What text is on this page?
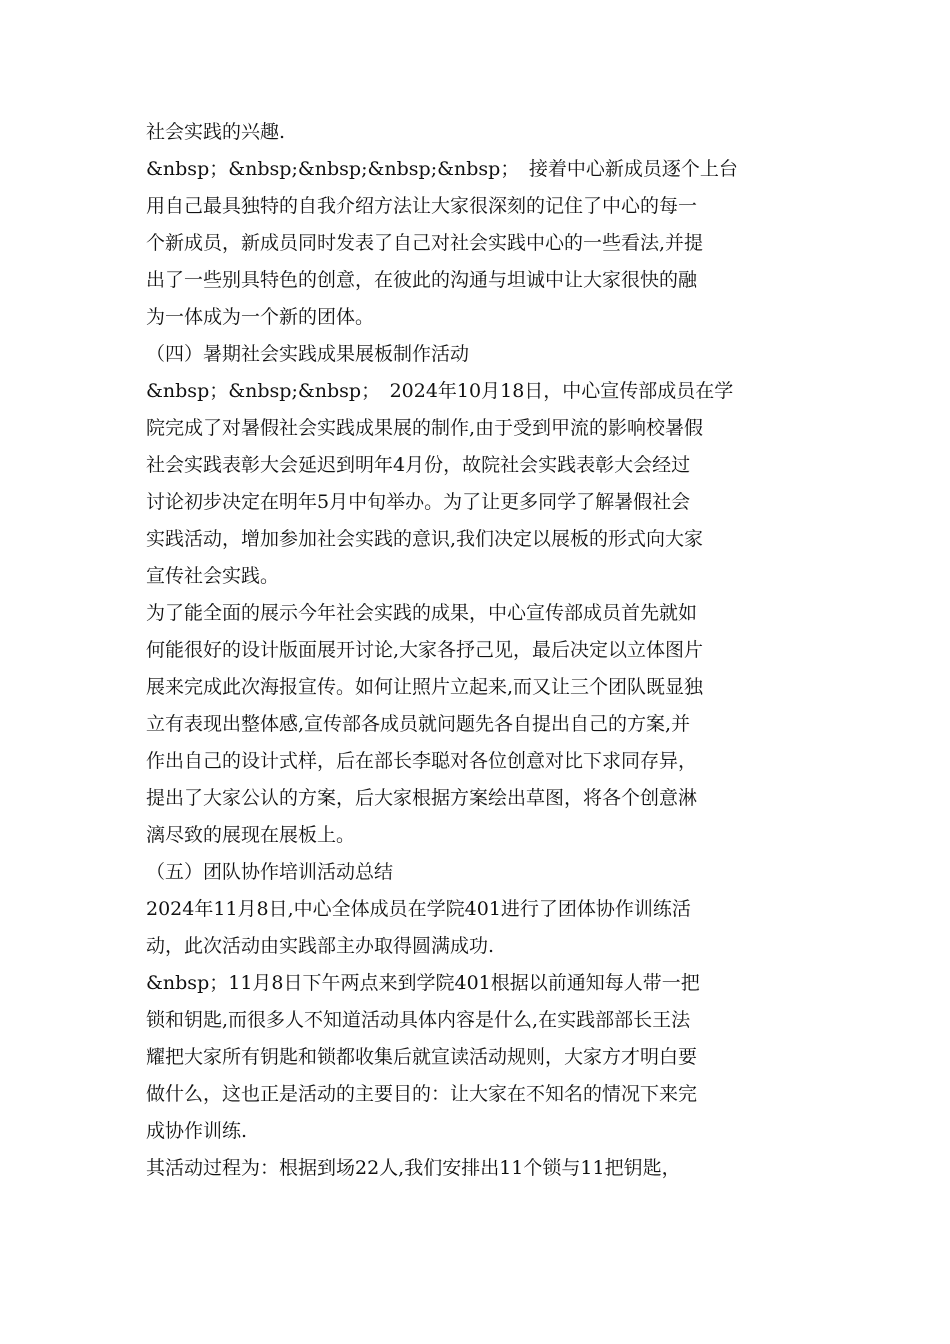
社会实践的兴趣.
&nbsp；&nbsp;&nbsp;&nbsp;&nbsp；　接着中心新成员逐个上台
用自己最具独特的自我介绍方法让大家很深刻的记住了中心的每一
个新成员，新成员同时发表了自己对社会实践中心的一些看法,并提
出了一些别具特色的创意，在彼此的沟通与坦诚中让大家很快的融
为一体成为一个新的团体。
（四）暑期社会实践成果展板制作活动
&nbsp；&nbsp;&nbsp；　2024年10月18日，中心宣传部成员在学
院完成了对暑假社会实践成果展的制作,由于受到甲流的影响校暑假
社会实践表彰大会延迟到明年4月份，故院社会实践表彰大会经过
讨论初步决定在明年5月中旬举办。为了让更多同学了解暑假社会
实践活动，增加参加社会实践的意识,我们决定以展板的形式向大家
宣传社会实践。
为了能全面的展示今年社会实践的成果，中心宣传部成员首先就如
何能很好的设计版面展开讨论,大家各抒己见，最后决定以立体图片
展来完成此次海报宣传。如何让照片立起来,而又让三个团队既显独
立有表现出整体感,宣传部各成员就问题先各自提出自己的方案,并
作出自己的设计式样，后在部长李聪对各位创意对比下求同存异，
提出了大家公认的方案，后大家根据方案绘出草图，将各个创意淋
漓尽致的展现在展板上。
（五）团队协作培训活动总结
2024年11月8日,中心全体成员在学院401进行了团体协作训练活
动，此次活动由实践部主办取得圆满成功.
&nbsp；11月8日下午两点来到学院401根据以前通知每人带一把
锁和钥匙,而很多人不知道活动具体内容是什么,在实践部部长王法
耀把大家所有钥匙和锁都收集后就宣读活动规则，大家方才明白要
做什么，这也正是活动的主要目的：让大家在不知名的情况下来完
成协作训练.
其活动过程为：根据到场22人,我们安排出11个锁与11把钥匙，
